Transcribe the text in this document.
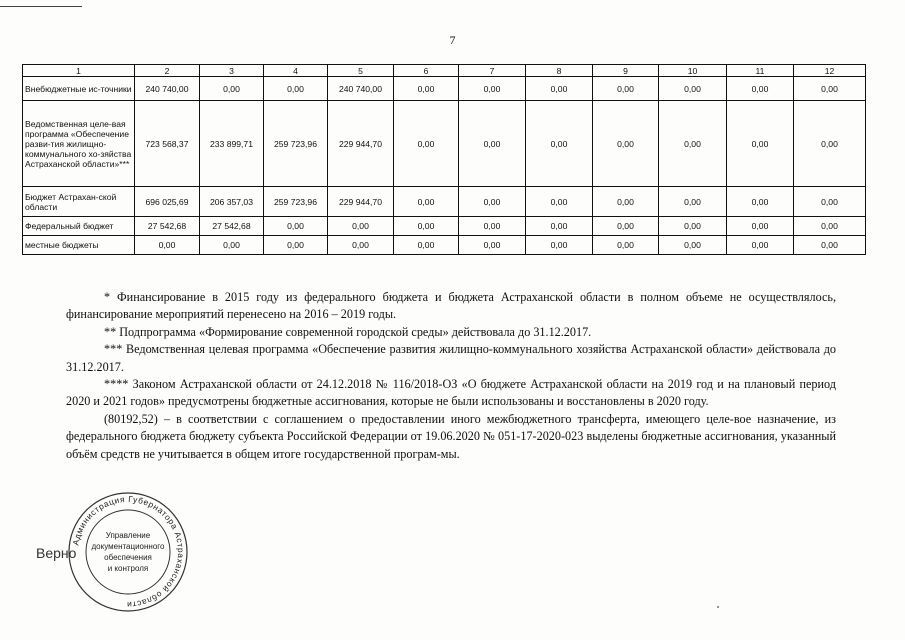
7
1	2	3	4	5	6	7	8	9	10	11	12
Внебюджетные ис-точники	240 740,00	0,00	0,00	240 740,00	0,00	0,00	0,00	0,00	0,00	0,00	0,00
Ведомственная целе-вая программа «Обеспечение разви-тия жилищно-коммунального хо-зяйства Астраханской области»***	723 568,37	233 899,71	259 723,96	229 944,70	0,00	0,00	0,00	0,00	0,00	0,00	0,00
Бюджет Астрахан-ской области	696 025,69	206 357,03	259 723,96	229 944,70	0,00	0,00	0,00	0,00	0,00	0,00	0,00
Федеральный бюджет	27 542,68	27 542,68	0,00	0,00	0,00	0,00	0,00	0,00	0,00	0,00	0,00
местные бюджеты	0,00	0,00	0,00	0,00	0,00	0,00	0,00	0,00	0,00	0,00	0,00

* Финансирование в 2015 году из федерального бюджета и бюджета Астраханской области в полном объеме не осуществлялось, финансирование мероприятий перенесено на 2016 – 2019 годы.

** Подпрограмма «Формирование современной городской среды» действовала до 31.12.2017.

*** Ведомственная целевая программа «Обеспечение развития жилищно-коммунального хозяйства Астраханской области» действовала до 31.12.2017.

**** Законом Астраханской области от 24.12.2018 № 116/2018-ОЗ «О бюджете Астраханской области на 2019 год и на плановый период 2020 и 2021 годов» предусмотрены бюджетные ассигнования, которые не были использованы и восстановлены в 2020 году.

(80192,52) – в соответствии с соглашением о предоставлении иного межбюджетного трансферта, имеющего целе-вое назначение, из федерального бюджета бюджету субъекта Российской Федерации от 19.06.2020 № 051-17-2020-023 выделены бюджетные ассигнования, указанный объём средств не учитывается в общем итоге государственной програм-мы.

Верно
Администрация Губернатора Астраханской области
Управление
документационного
обеспечения
и контроля
